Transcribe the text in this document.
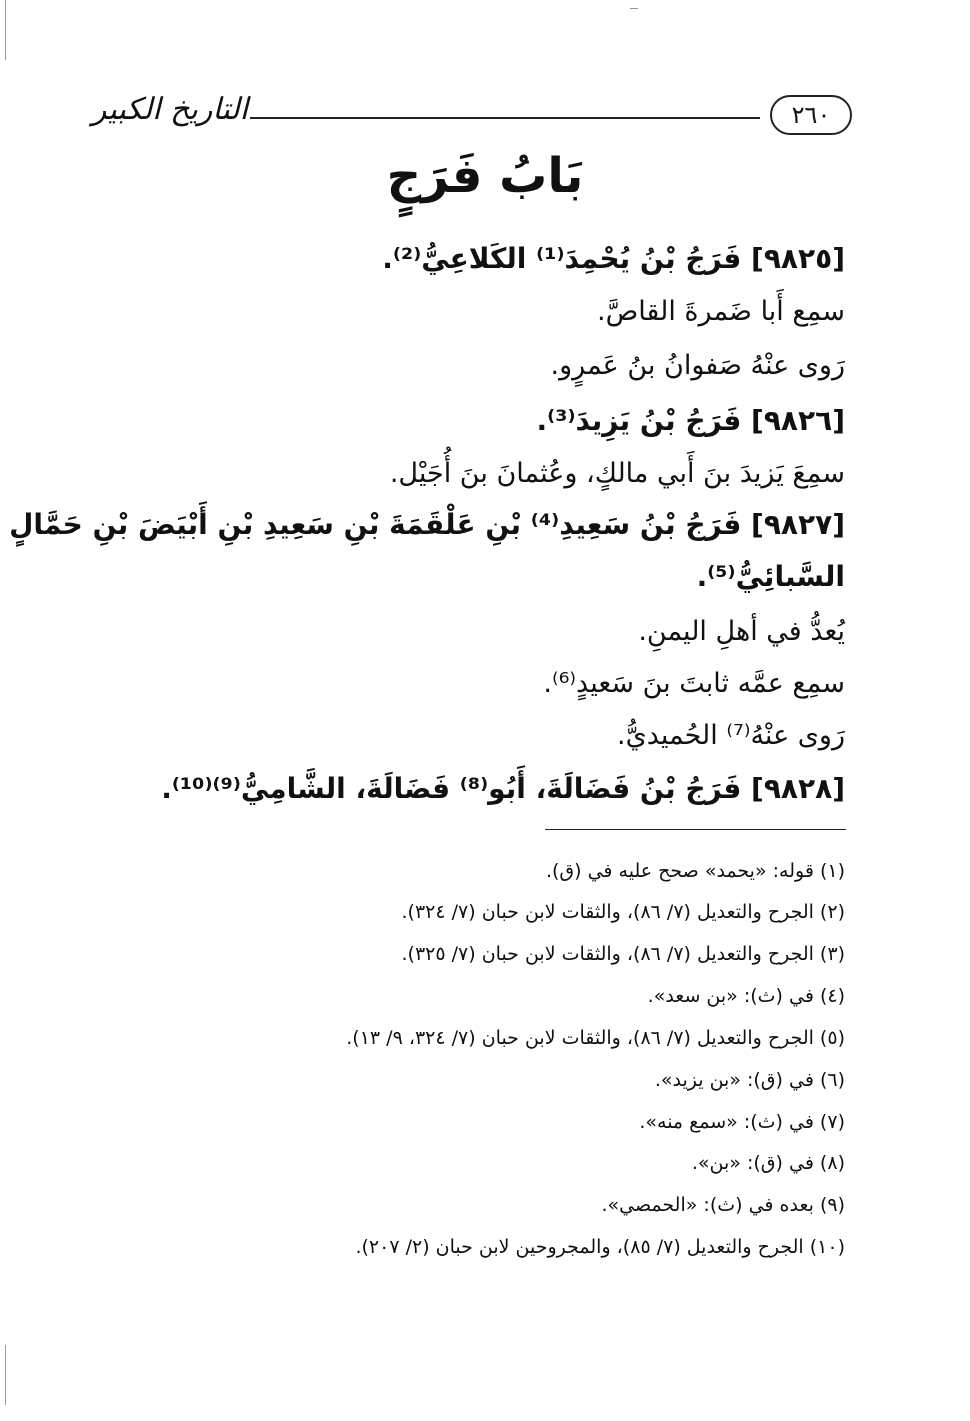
التاريخ الكبير	٢٦٠
بَابُ فَرَجٍ
[٩٨٢٥] فَرَجُ بْنُ يُحْمِدَ⁽¹⁾ الكَلاعِيُّ⁽²⁾.
سمِع أَبا ضَمرةَ القاصَّ.
رَوى عنْهُ صَفوانُ بنُ عَمرٍو.
[٩٨٢٦] فَرَجُ بْنُ يَزِيدَ⁽³⁾.
سمِعَ يَزيدَ بنَ أَبي مالكٍ، وعُثمانَ بنَ أُجَيْل.
[٩٨٢٧] فَرَجُ بْنُ سَعِيدِ⁽⁴⁾ بْنِ عَلْقَمَةَ بْنِ سَعِيدِ بْنِ أَبْيَضَ بْنِ حَمَّالٍ
السَّبائِيُّ⁽⁵⁾.
يُعدُّ في أهلِ اليمنِ.
سمِع عمَّه ثابتَ بنَ سَعيدٍ⁽⁶⁾.
رَوى عنْهُ⁽⁷⁾ الحُميديُّ.
[٩٨٢٨] فَرَجُ بْنُ فَضَالَةَ، أَبُو⁽⁸⁾ فَضَالَةَ، الشَّامِيُّ⁽⁹⁾⁽¹⁰⁾.
(١) قوله: «يحمد» صحح عليه في (ق).
(٢) الجرح والتعديل (٧/ ٨٦)، والثقات لابن حبان (٧/ ٣٢٤).
(٣) الجرح والتعديل (٧/ ٨٦)، والثقات لابن حبان (٧/ ٣٢٥).
(٤) في (ث): «بن سعد».
(٥) الجرح والتعديل (٧/ ٨٦)، والثقات لابن حبان (٧/ ٣٢٤، ٩/ ١٣).
(٦) في (ق): «بن يزيد».
(٧) في (ث): «سمع منه».
(٨) في (ق): «بن».
(٩) بعده في (ث): «الحمصي».
(١٠) الجرح والتعديل (٧/ ٨٥)، والمجروحين لابن حبان (٢/ ٢٠٧).
